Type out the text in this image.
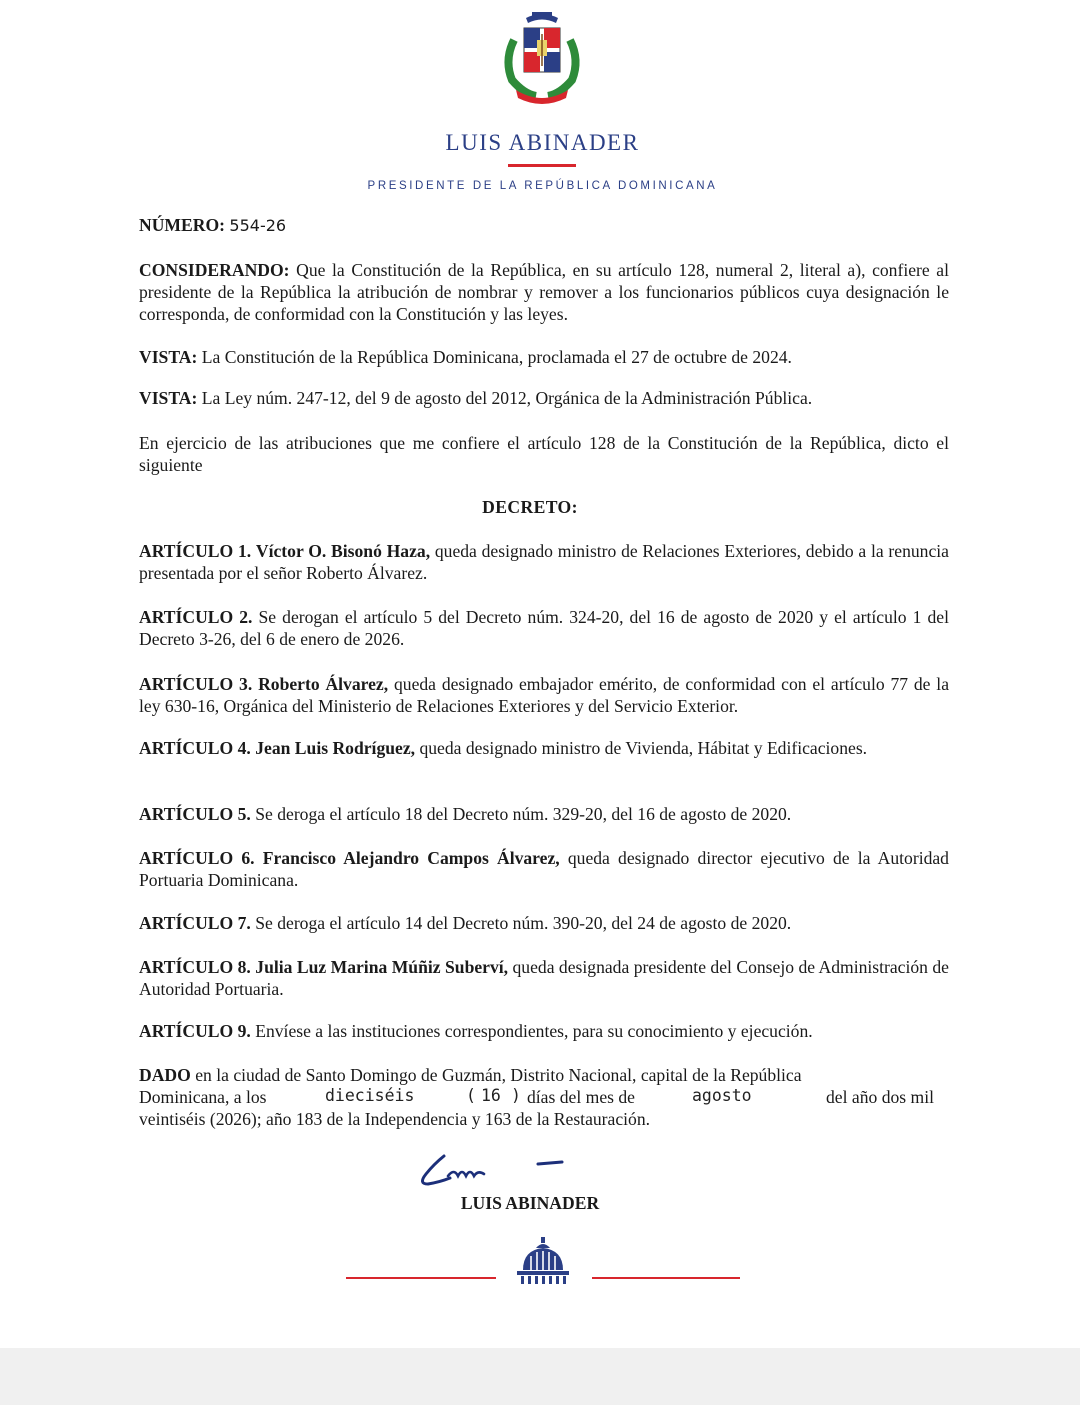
LUIS ABINADER
PRESIDENTE DE LA REPÚBLICA DOMINICANA
NÚMERO: 554-26
CONSIDERANDO: Que la Constitución de la República, en su artículo 128, numeral 2, literal a), confiere al presidente de la República la atribución de nombrar y remover a los funcionarios públicos cuya designación le corresponda, de conformidad con la Constitución y las leyes.
VISTA: La Constitución de la República Dominicana, proclamada el 27 de octubre de 2024.
VISTA: La Ley núm. 247-12, del 9 de agosto del 2012, Orgánica de la Administración Pública.
En ejercicio de las atribuciones que me confiere el artículo 128 de la Constitución de la República, dicto el siguiente
DECRETO:
ARTÍCULO 1. Víctor O. Bisonó Haza, queda designado ministro de Relaciones Exteriores, debido a la renuncia presentada por el señor Roberto Álvarez.
ARTÍCULO 2. Se derogan el artículo 5 del Decreto núm. 324-20, del 16 de agosto de 2020 y el artículo 1 del Decreto 3-26, del 6 de enero de 2026.
ARTÍCULO 3. Roberto Álvarez, queda designado embajador emérito, de conformidad con el artículo 77 de la ley 630-16, Orgánica del Ministerio de Relaciones Exteriores y del Servicio Exterior.
ARTÍCULO 4. Jean Luis Rodríguez, queda designado ministro de Vivienda, Hábitat y Edificaciones.
ARTÍCULO 5. Se deroga el artículo 18 del Decreto núm. 329-20, del 16 de agosto de 2020.
ARTÍCULO 6. Francisco Alejandro Campos Álvarez, queda designado director ejecutivo de la Autoridad Portuaria Dominicana.
ARTÍCULO 7. Se deroga el artículo 14 del Decreto núm. 390-20, del 24 de agosto de 2020.
ARTÍCULO 8. Julia Luz Marina Múñiz Suberví, queda designada presidente del Consejo de Administración de Autoridad Portuaria.
ARTÍCULO 9. Envíese a las instituciones correspondientes, para su conocimiento y ejecución.
DADO en la ciudad de Santo Domingo de Guzmán, Distrito Nacional, capital de la República
Dominicana, a los	dieciséis	( 16 ) días del mes de	agosto	del año dos mil
veintiséis (2026); año 183 de la Independencia y 163 de la Restauración.
LUIS ABINADER
